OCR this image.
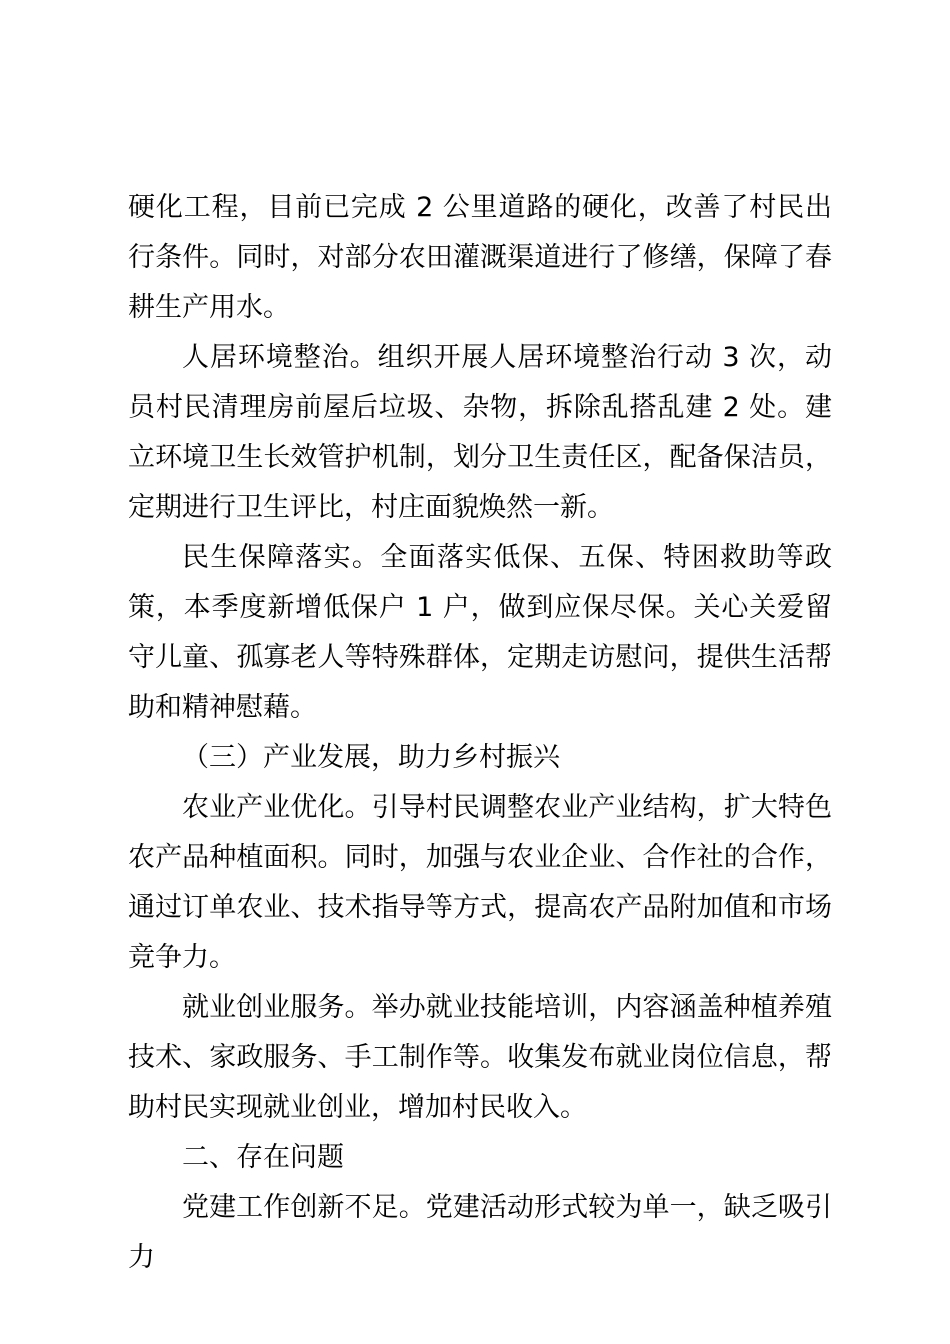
硬化工程，目前已完成 2 公里道路的硬化，改善了村民出行条件。同时，对部分农田灌溉渠道进行了修缮，保障了春耕生产用水。

人居环境整治。组织开展人居环境整治行动 3 次，动员村民清理房前屋后垃圾、杂物，拆除乱搭乱建 2 处。建立环境卫生长效管护机制，划分卫生责任区，配备保洁员，定期进行卫生评比，村庄面貌焕然一新。

民生保障落实。全面落实低保、五保、特困救助等政策，本季度新增低保户 1 户，做到应保尽保。关心关爱留守儿童、孤寡老人等特殊群体，定期走访慰问，提供生活帮助和精神慰藉。

（三）产业发展，助力乡村振兴

农业产业优化。引导村民调整农业产业结构，扩大特色农产品种植面积。同时，加强与农业企业、合作社的合作，通过订单农业、技术指导等方式，提高农产品附加值和市场竞争力。

就业创业服务。举办就业技能培训，内容涵盖种植养殖技术、家政服务、手工制作等。收集发布就业岗位信息，帮助村民实现就业创业，增加村民收入。

二、存在问题

党建工作创新不足。党建活动形式较为单一，缺乏吸引力
